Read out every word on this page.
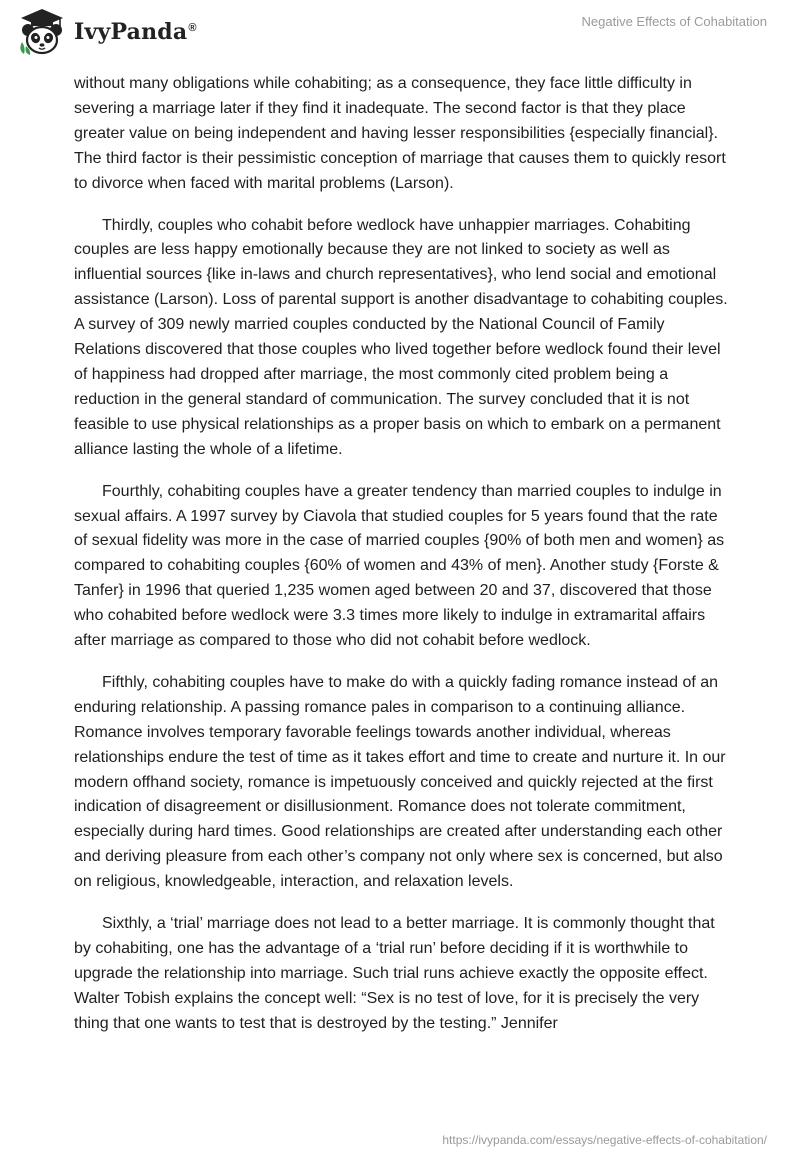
IvyPanda®	Negative Effects of Cohabitation

without many obligations while cohabiting; as a consequence, they face little difficulty in severing a marriage later if they find it inadequate. The second factor is that they place greater value on being independent and having lesser responsibilities {especially financial}. The third factor is their pessimistic conception of marriage that causes them to quickly resort to divorce when faced with marital problems (Larson).

Thirdly, couples who cohabit before wedlock have unhappier marriages. Cohabiting couples are less happy emotionally because they are not linked to society as well as influential sources {like in-laws and church representatives}, who lend social and emotional assistance (Larson). Loss of parental support is another disadvantage to cohabiting couples. A survey of 309 newly married couples conducted by the National Council of Family Relations discovered that those couples who lived together before wedlock found their level of happiness had dropped after marriage, the most commonly cited problem being a reduction in the general standard of communication. The survey concluded that it is not feasible to use physical relationships as a proper basis on which to embark on a permanent alliance lasting the whole of a lifetime.

Fourthly, cohabiting couples have a greater tendency than married couples to indulge in sexual affairs. A 1997 survey by Ciavola that studied couples for 5 years found that the rate of sexual fidelity was more in the case of married couples {90% of both men and women} as compared to cohabiting couples {60% of women and 43% of men}. Another study {Forste & Tanfer} in 1996 that queried 1,235 women aged between 20 and 37, discovered that those who cohabited before wedlock were 3.3 times more likely to indulge in extramarital affairs after marriage as compared to those who did not cohabit before wedlock.

Fifthly, cohabiting couples have to make do with a quickly fading romance instead of an enduring relationship. A passing romance pales in comparison to a continuing alliance. Romance involves temporary favorable feelings towards another individual, whereas relationships endure the test of time as it takes effort and time to create and nurture it. In our modern offhand society, romance is impetuously conceived and quickly rejected at the first indication of disagreement or disillusionment. Romance does not tolerate commitment, especially during hard times. Good relationships are created after understanding each other and deriving pleasure from each other’s company not only where sex is concerned, but also on religious, knowledgeable, interaction, and relaxation levels.

Sixthly, a ‘trial’ marriage does not lead to a better marriage. It is commonly thought that by cohabiting, one has the advantage of a ‘trial run’ before deciding if it is worthwhile to upgrade the relationship into marriage. Such trial runs achieve exactly the opposite effect. Walter Tobish explains the concept well: “Sex is no test of love, for it is precisely the very thing that one wants to test that is destroyed by the testing.” Jennifer

https://ivypanda.com/essays/negative-effects-of-cohabitation/
